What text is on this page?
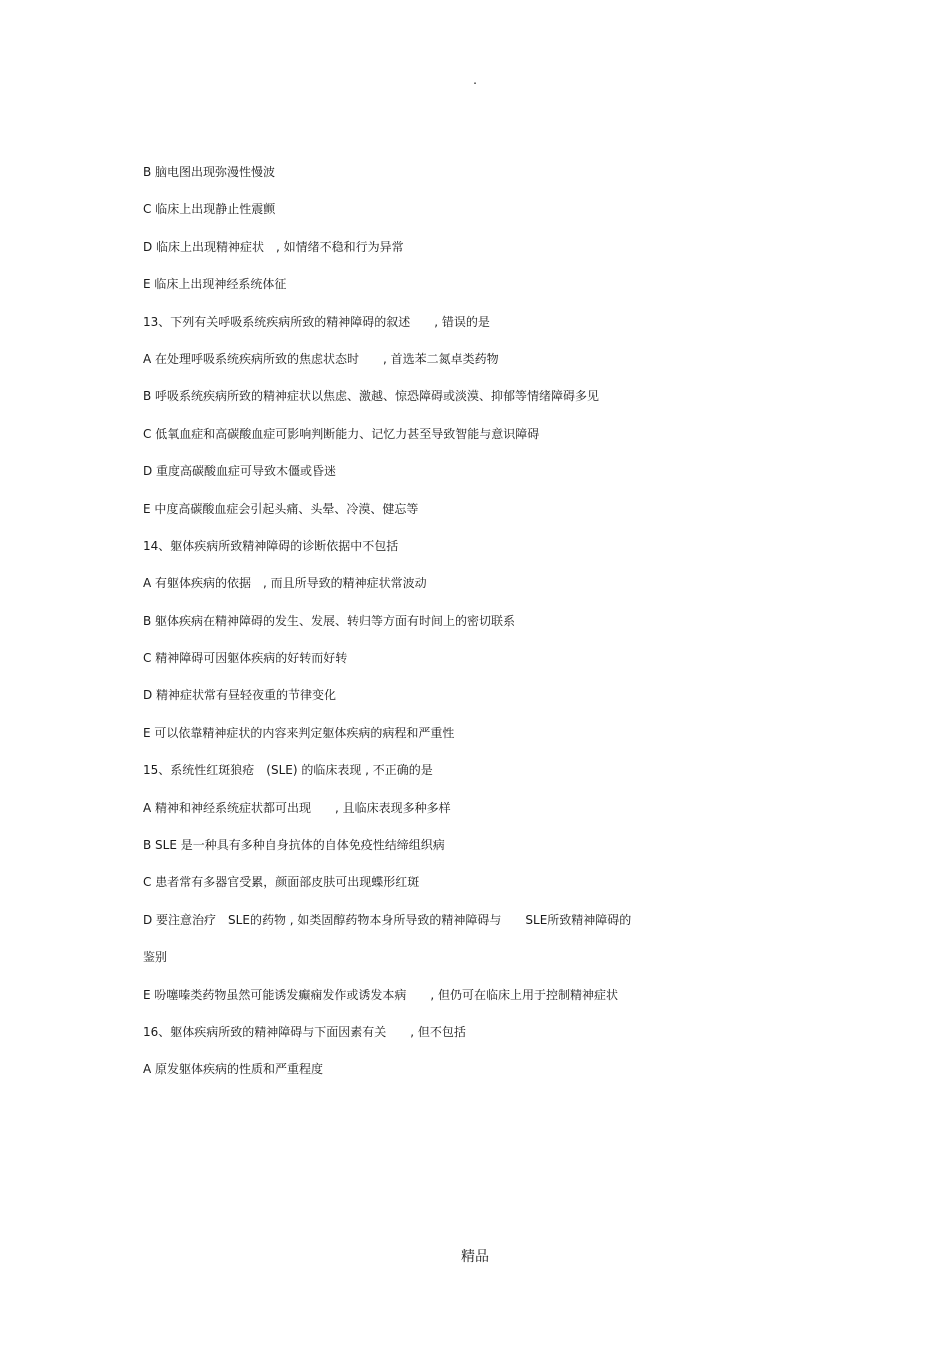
.
B 脑电图出现弥漫性慢波
C 临床上出现静止性震颤
D 临床上出现精神症状　, 如情绪不稳和行为异常
E 临床上出现神经系统体征
13、下列有关呼吸系统疾病所致的精神障碍的叙述　　, 错误的是
A 在处理呼吸系统疾病所致的焦虑状态时　　, 首选苯二氮卓类药物
B 呼吸系统疾病所致的精神症状以焦虑、激越、惊恐障碍或淡漠、抑郁等情绪障碍多见
C 低氧血症和高碳酸血症可影响判断能力、记忆力甚至导致智能与意识障碍
D 重度高碳酸血症可导致木僵或昏迷
E 中度高碳酸血症会引起头痛、头晕、冷漠、健忘等
14、躯体疾病所致精神障碍的诊断依据中不包括
A 有躯体疾病的依据　, 而且所导致的精神症状常波动
B 躯体疾病在精神障碍的发生、发展、转归等方面有时间上的密切联系
C 精神障碍可因躯体疾病的好转而好转
D 精神症状常有昼轻夜重的节律变化
E 可以依靠精神症状的内容来判定躯体疾病的病程和严重性
15、系统性红斑狼疮　(SLE) 的临床表现 , 不正确的是
A 精神和神经系统症状都可出现　　, 且临床表现多种多样
B SLE 是一种具有多种自身抗体的自体免疫性结缔组织病
C 患者常有多器官受累，颜面部皮肤可出现蝶形红斑
D 要注意治疗　SLE的药物 , 如类固醇药物本身所导致的精神障碍与　　SLE所致精神障碍的
鉴别
E 吩噻嗪类药物虽然可能诱发癫痫发作或诱发本病　　, 但仍可在临床上用于控制精神症状
16、躯体疾病所致的精神障碍与下面因素有关　　, 但不包括
A 原发躯体疾病的性质和严重程度
精品
